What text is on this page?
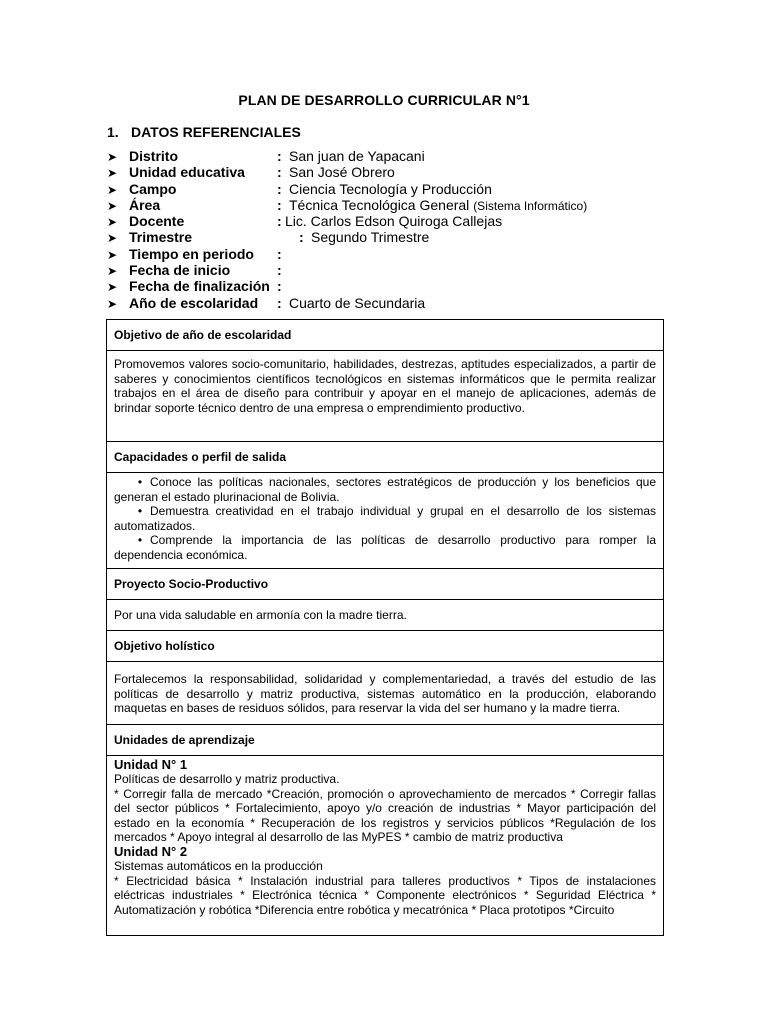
PLAN DE DESARROLLO CURRICULAR N°1
1. DATOS REFERENCIALES
➤ Distrito	: San juan de Yapacani
➤ Unidad educativa	: San José Obrero
➤ Campo	: Ciencia Tecnología y Producción
➤ Área	: Técnica Tecnológica General (Sistema Informático)
➤ Docente	: Lic. Carlos Edson Quiroga Callejas
➤ Trimestre	: Segundo Trimestre
➤ Tiempo en periodo	:
➤ Fecha de inicio	:
➤ Fecha de finalización :
➤ Año de escolaridad	: Cuarto de Secundaria
Objetivo de año de escolaridad
Promovemos valores socio-comunitario, habilidades, destrezas, aptitudes especializados, a partir de saberes y conocimientos científicos tecnológicos en sistemas informáticos que le permita realizar trabajos en el área de diseño para contribuir y apoyar en el manejo de aplicaciones, además de brindar soporte técnico dentro de una empresa o emprendimiento productivo.
Capacidades o perfil de salida
• Conoce las políticas nacionales, sectores estratégicos de producción y los beneficios que generan el estado plurinacional de Bolivia.
• Demuestra creatividad en el trabajo individual y grupal en el desarrollo de los sistemas automatizados.
• Comprende la importancia de las políticas de desarrollo productivo para romper la dependencia económica.
Proyecto Socio-Productivo
Por una vida saludable en armonía con la madre tierra.
Objetivo holístico
Fortalecemos la responsabilidad, solidaridad y complementariedad, a través del estudio de las políticas de desarrollo y matriz productiva, sistemas automático en la producción, elaborando maquetas en bases de residuos sólidos, para reservar la vida del ser humano y la madre tierra.
Unidades de aprendizaje
Unidad N° 1
Políticas de desarrollo y matriz productiva.
* Corregir falla de mercado *Creación, promoción o aprovechamiento de mercados * Corregir fallas del sector públicos * Fortalecimiento, apoyo y/o creación de industrias * Mayor participación del estado en la economía * Recuperación de los registros y servicios públicos *Regulación de los mercados * Apoyo integral al desarrollo de las MyPES * cambio de matriz productiva
Unidad N° 2
Sistemas automáticos en la producción
* Electricidad básica * Instalación industrial para talleres productivos * Tipos de instalaciones eléctricas industriales * Electrónica técnica * Componente electrónicos * Seguridad Eléctrica * Automatización y robótica *Diferencia entre robótica y mecatrónica * Placa prototipos *Circuito
